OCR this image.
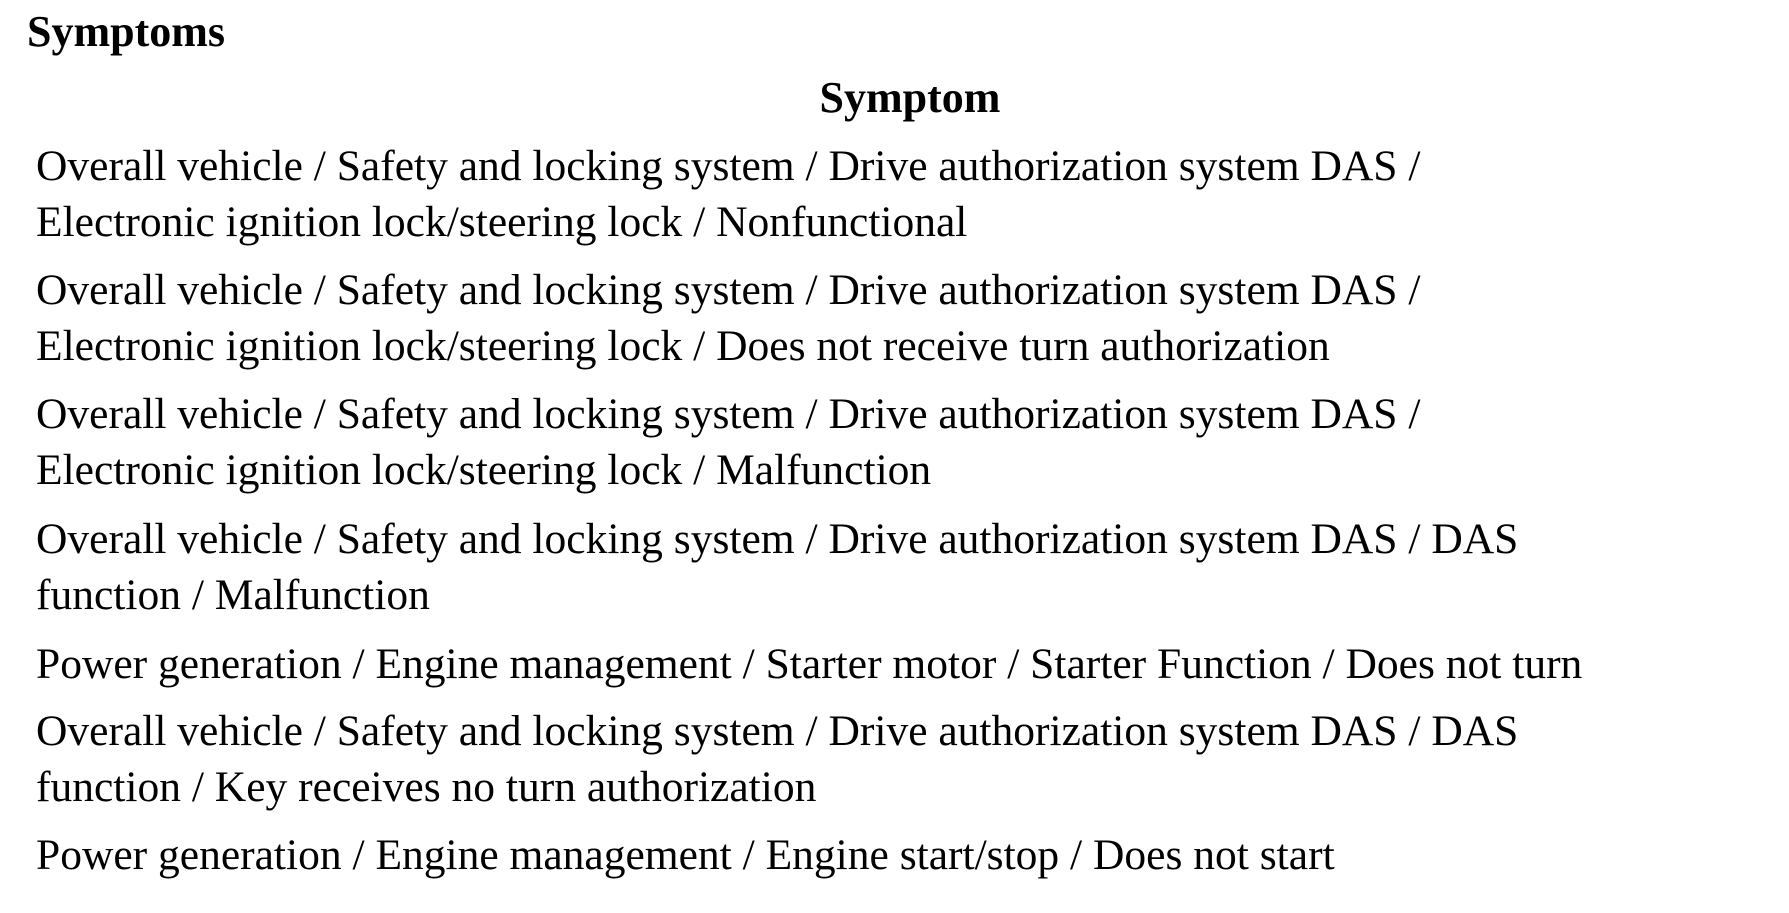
Symptoms
Symptom

Overall vehicle / Safety and locking system / Drive authorization system DAS /
Electronic ignition lock/steering lock / Nonfunctional

Overall vehicle / Safety and locking system / Drive authorization system DAS /
Electronic ignition lock/steering lock / Does not receive turn authorization

Overall vehicle / Safety and locking system / Drive authorization system DAS /
Electronic ignition lock/steering lock / Malfunction

Overall vehicle / Safety and locking system / Drive authorization system DAS / DAS
function / Malfunction

Power generation / Engine management / Starter motor / Starter Function / Does not turn

Overall vehicle / Safety and locking system / Drive authorization system DAS / DAS
function / Key receives no turn authorization

Power generation / Engine management / Engine start/stop / Does not start
